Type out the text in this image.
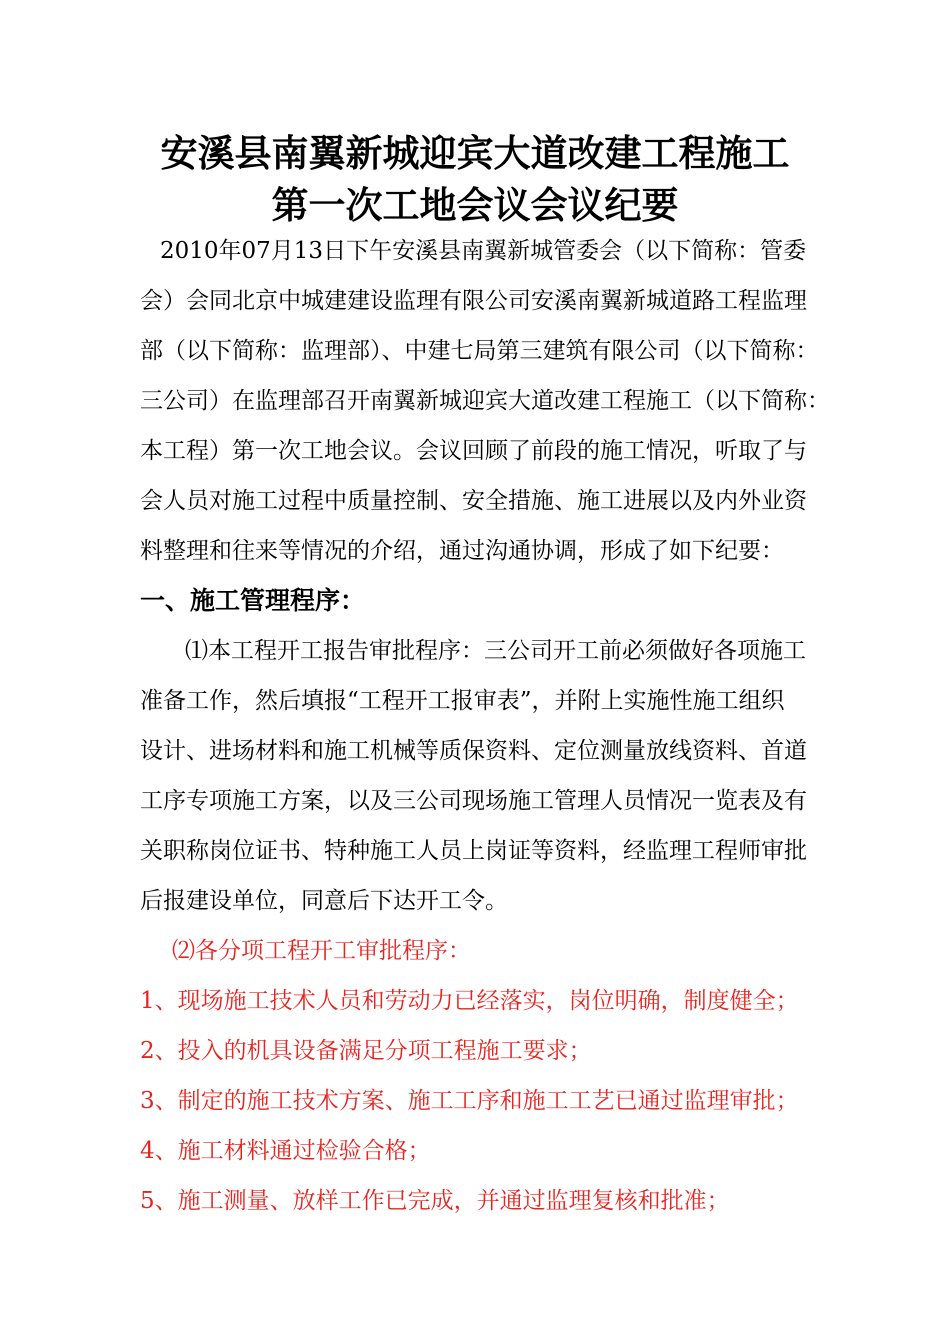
安溪县南翼新城迎宾大道改建工程施工
第一次工地会议会议纪要
2010年07月13日下午安溪县南翼新城管委会（以下简称：管委
会）会同北京中城建建设监理有限公司安溪南翼新城道路工程监理
部（以下简称：监理部）、中建七局第三建筑有限公司（以下简称：
三公司）在监理部召开南翼新城迎宾大道改建工程施工（以下简称：
本工程）第一次工地会议。会议回顾了前段的施工情况，听取了与
会人员对施工过程中质量控制、安全措施、施工进展以及内外业资
料整理和往来等情况的介绍，通过沟通协调，形成了如下纪要：
一、施工管理程序：
⑴本工程开工报告审批程序：三公司开工前必须做好各项施工
准备工作，然后填报“工程开工报审表”，并附上实施性施工组织
设计、进场材料和施工机械等质保资料、定位测量放线资料、首道
工序专项施工方案，以及三公司现场施工管理人员情况一览表及有
关职称岗位证书、特种施工人员上岗证等资料，经监理工程师审批
后报建设单位，同意后下达开工令。
⑵各分项工程开工审批程序：
1、现场施工技术人员和劳动力已经落实，岗位明确，制度健全；
2、投入的机具设备满足分项工程施工要求；
3、制定的施工技术方案、施工工序和施工工艺已通过监理审批；
4、施工材料通过检验合格；
5、施工测量、放样工作已完成，并通过监理复核和批准；
